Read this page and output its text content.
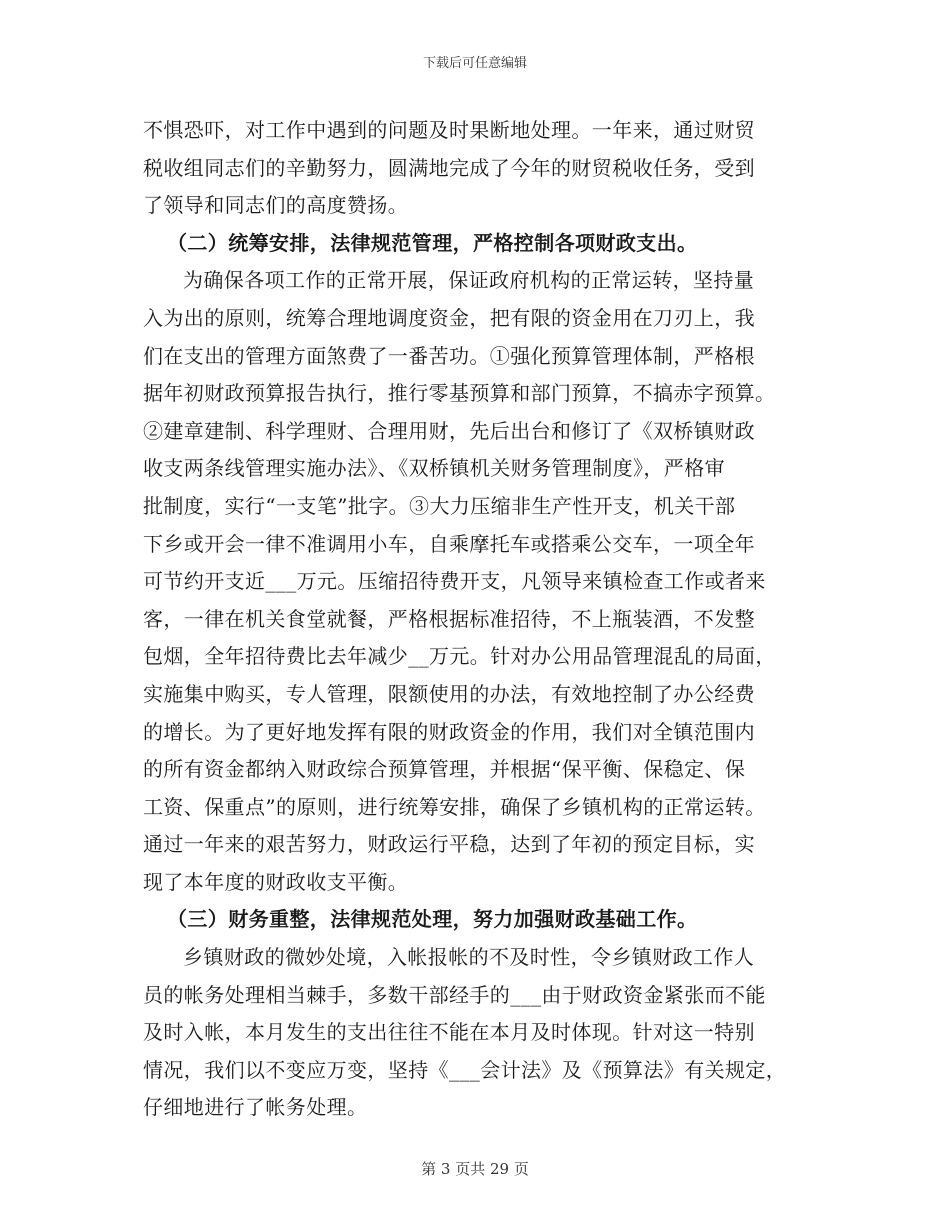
下载后可任意编辑
不惧恐吓，对工作中遇到的问题及时果断地处理。一年来，通过财贸
税收组同志们的辛勤努力，圆满地完成了今年的财贸税收任务，受到
了领导和同志们的高度赞扬。
（二）统筹安排，法律规范管理，严格控制各项财政支出。
为确保各项工作的正常开展，保证政府机构的正常运转，坚持量
入为出的原则，统筹合理地调度资金，把有限的资金用在刀刃上，我
们在支出的管理方面煞费了一番苦功。①强化预算管理体制，严格根
据年初财政预算报告执行，推行零基预算和部门预算，不搞赤字预算。
②建章建制、科学理财、合理用财，先后出台和修订了《双桥镇财政
收支两条线管理实施办法》、《双桥镇机关财务管理制度》，严格审
批制度，实行“一支笔”批字。③大力压缩非生产性开支，机关干部
下乡或开会一律不准调用小车，自乘摩托车或搭乘公交车，一项全年
可节约开支近___万元。压缩招待费开支，凡领导来镇检查工作或者来
客，一律在机关食堂就餐，严格根据标准招待，不上瓶装酒，不发整
包烟，全年招待费比去年减少__万元。针对办公用品管理混乱的局面，
实施集中购买，专人管理，限额使用的办法，有效地控制了办公经费
的增长。为了更好地发挥有限的财政资金的作用，我们对全镇范围内
的所有资金都纳入财政综合预算管理，并根据“保平衡、保稳定、保
工资、保重点”的原则，进行统筹安排，确保了乡镇机构的正常运转。
通过一年来的艰苦努力，财政运行平稳，达到了年初的预定目标，实
现了本年度的财政收支平衡。
（三）财务重整，法律规范处理，努力加强财政基础工作。
乡镇财政的微妙处境，入帐报帐的不及时性，令乡镇财政工作人
员的帐务处理相当棘手，多数干部经手的___由于财政资金紧张而不能
及时入帐，本月发生的支出往往不能在本月及时体现。针对这一特别
情况，我们以不变应万变，坚持《___会计法》及《预算法》有关规定，
仔细地进行了帐务处理。
第 3 页共 29 页
